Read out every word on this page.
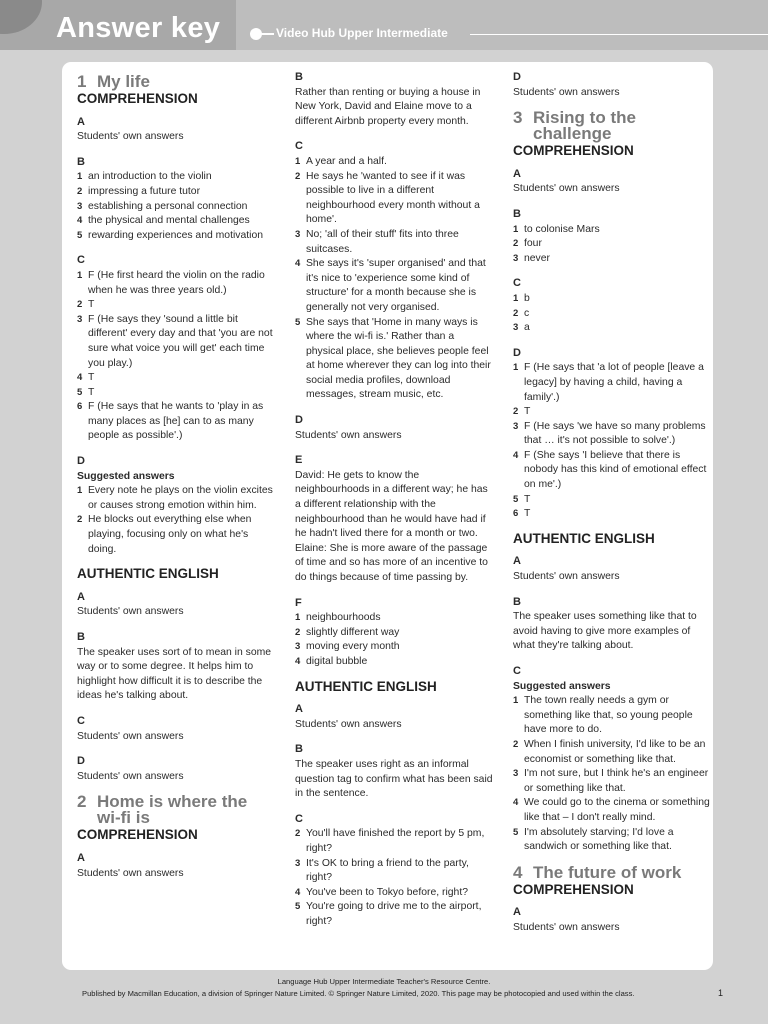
Answer key	Video Hub Upper Intermediate
1 My life
COMPREHENSION
A
Students' own answers
B
1 an introduction to the violin
2 impressing a future tutor
3 establishing a personal connection
4 the physical and mental challenges
5 rewarding experiences and motivation
C
1 F (He first heard the violin on the radio when he was three years old.)
2 T
3 F (He says they 'sound a little bit different' every day and that 'you are not sure what voice you will get' each time you play.)
4 T
5 T
6 F (He says that he wants to 'play in as many places as [he] can to as many people as possible'.)
D
Suggested answers
1 Every note he plays on the violin excites or causes strong emotion within him.
2 He blocks out everything else when playing, focusing only on what he's doing.
AUTHENTIC ENGLISH
A
Students' own answers
B
The speaker uses sort of to mean in some way or to some degree. It helps him to highlight how difficult it is to describe the ideas he's talking about.
C
Students' own answers
D
Students' own answers
2 Home is where the wi-fi is
COMPREHENSION
A
Students' own answers
B
Rather than renting or buying a house in New York, David and Elaine move to a different Airbnb property every month.
C
1 A year and a half.
2 He says he 'wanted to see if it was possible to live in a different neighbourhood every month without a home'.
3 No; 'all of their stuff' fits into three suitcases.
4 She says it's 'super organised' and that it's nice to 'experience some kind of structure' for a month because she is generally not very organised.
5 She says that 'Home in many ways is where the wi-fi is.' Rather than a physical place, she believes people feel at home wherever they can log into their social media profiles, download messages, stream music, etc.
D
Students' own answers
E
David: He gets to know the neighbourhoods in a different way; he has a different relationship with the neighbourhood than he would have had if he hadn't lived there for a month or two.
Elaine: She is more aware of the passage of time and so has more of an incentive to do things because of time passing by.
F
1 neighbourhoods
2 slightly different way
3 moving every month
4 digital bubble
AUTHENTIC ENGLISH
A
Students' own answers
B
The speaker uses right as an informal question tag to confirm what has been said in the sentence.
C
2 You'll have finished the report by 5 pm, right?
3 It's OK to bring a friend to the party, right?
4 You've been to Tokyo before, right?
5 You're going to drive me to the airport, right?
D
Students' own answers
3 Rising to the challenge
COMPREHENSION
A
Students' own answers
B
1 to colonise Mars
2 four
3 never
C
1 b
2 c
3 a
D
1 F (He says that 'a lot of people [leave a legacy] by having a child, having a family'.)
2 T
3 F (He says 'we have so many problems that … it's not possible to solve'.)
4 F (She says 'I believe that there is nobody has this kind of emotional effect on me'.)
5 T
6 T
AUTHENTIC ENGLISH
A
Students' own answers
B
The speaker uses something like that to avoid having to give more examples of what they're talking about.
C
Suggested answers
1 The town really needs a gym or something like that, so young people have more to do.
2 When I finish university, I'd like to be an economist or something like that.
3 I'm not sure, but I think he's an engineer or something like that.
4 We could go to the cinema or something like that – I don't really mind.
5 I'm absolutely starving; I'd love a sandwich or something like that.
4 The future of work
COMPREHENSION
A
Students' own answers
Language Hub Upper Intermediate Teacher's Resource Centre.
Published by Macmillan Education, a division of Springer Nature Limited. © Springer Nature Limited, 2020. This page may be photocopied and used within the class.	1
